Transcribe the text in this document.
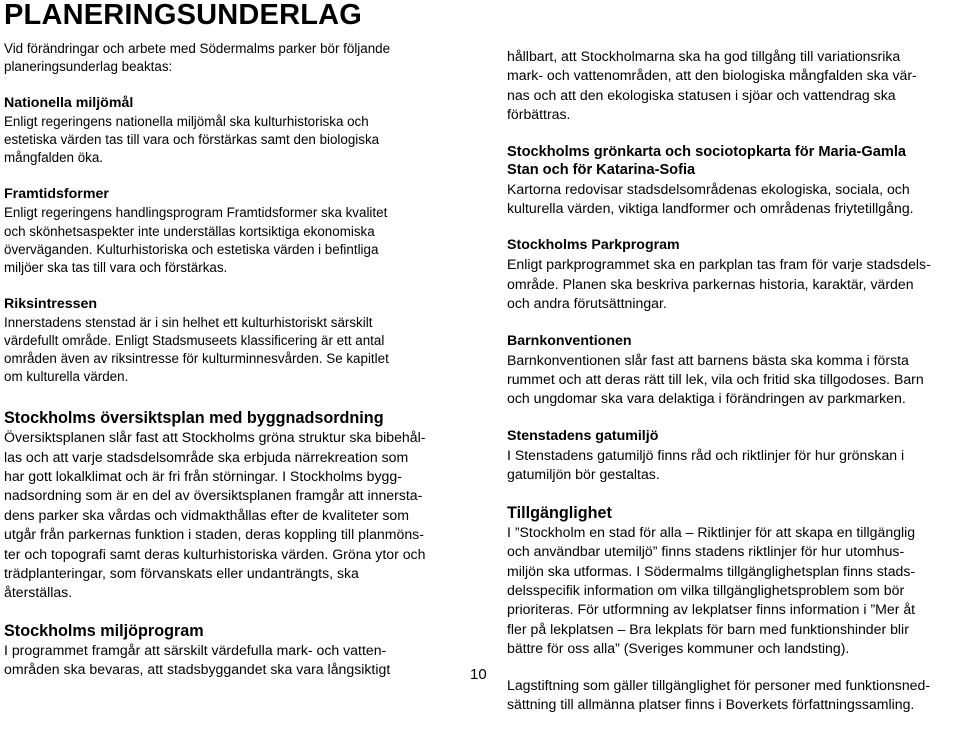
PLANERINGSUNDERLAG

Vid förändringar och arbete med Södermalms parker bör följande
planeringsunderlag beaktas:

Nationella miljömål

Enligt regeringens nationella miljömål ska kulturhistoriska och
estetiska värden tas till vara och förstärkas samt den biologiska
mångfalden öka.

Framtidsformer

Enligt regeringens handlingsprogram Framtidsformer ska kvalitet
och skönhetsaspekter inte underställas kortsiktiga ekonomiska
överväganden. Kulturhistoriska och estetiska värden i befintliga
miljöer ska tas till vara och förstärkas.

Riksintressen

Innerstadens stenstad är i sin helhet ett kulturhistoriskt särskilt
värdefullt område. Enligt Stadsmuseets klassificering är ett antal
områden även av riksintresse för kulturminnesvården. Se kapitlet
om kulturella värden.

Stockholms översiktsplan med byggnadsordning

Översiktsplanen slår fast att Stockholms gröna struktur ska bibehål-
las och att varje stadsdelsområde ska erbjuda närrekreation som
har gott lokalklimat och är fri från störningar. I Stockholms bygg-
nadsordning som är en del av översiktsplanen framgår att innersta-
dens parker ska vårdas och vidmakthållas efter de kvaliteter som
utgår från parkernas funktion i staden, deras koppling till planmöns-
ter och topografi samt deras kulturhistoriska värden. Gröna ytor och
trädplanteringar, som förvanskats eller undanträngts, ska
återställas.

Stockholms miljöprogram

I programmet framgår att särskilt värdefulla mark- och vatten-
områden ska bevaras, att stadsbyggandet ska vara långsiktigt

hållbart, att Stockholmarna ska ha god tillgång till variationsrika
mark- och vattenområden, att den biologiska mångfalden ska vär-
nas och att den ekologiska statusen i sjöar och vattendrag ska
förbättras.

Stockholms grönkarta och sociotopkarta för Maria-Gamla
Stan och för Katarina-Sofia

Kartorna redovisar stadsdelsområdenas ekologiska, sociala, och
kulturella värden, viktiga landformer och områdenas friytetillgång.

Stockholms Parkprogram

Enligt parkprogrammet ska en parkplan tas fram för varje stadsdels-
område. Planen ska beskriva parkernas historia, karaktär, värden
och andra förutsättningar.

Barnkonventionen

Barnkonventionen slår fast att barnens bästa ska komma i första
rummet och att deras rätt till lek, vila och fritid ska tillgodoses. Barn
och ungdomar ska vara delaktiga i förändringen av parkmarken.

Stenstadens gatumiljö

I Stenstadens gatumiljö finns råd och riktlinjer för hur grönskan i
gatumiljön bör gestaltas.

Tillgänglighet

I ”Stockholm en stad för alla – Riktlinjer för att skapa en tillgänglig
och användbar utemiljö” finns stadens riktlinjer för hur utomhus-
miljön ska utformas. I Södermalms tillgänglighetsplan finns stads-
delsspecifik information om vilka tillgänglighetsproblem som bör
prioriteras. För utformning av lekplatser finns information i ”Mer åt
fler på lekplatsen – Bra lekplats för barn med funktionshinder blir
bättre för oss alla” (Sveriges kommuner och landsting).

Lagstiftning som gäller tillgänglighet för personer med funktionsned-
sättning till allmänna platser finns i Boverkets författningssamling.

10
